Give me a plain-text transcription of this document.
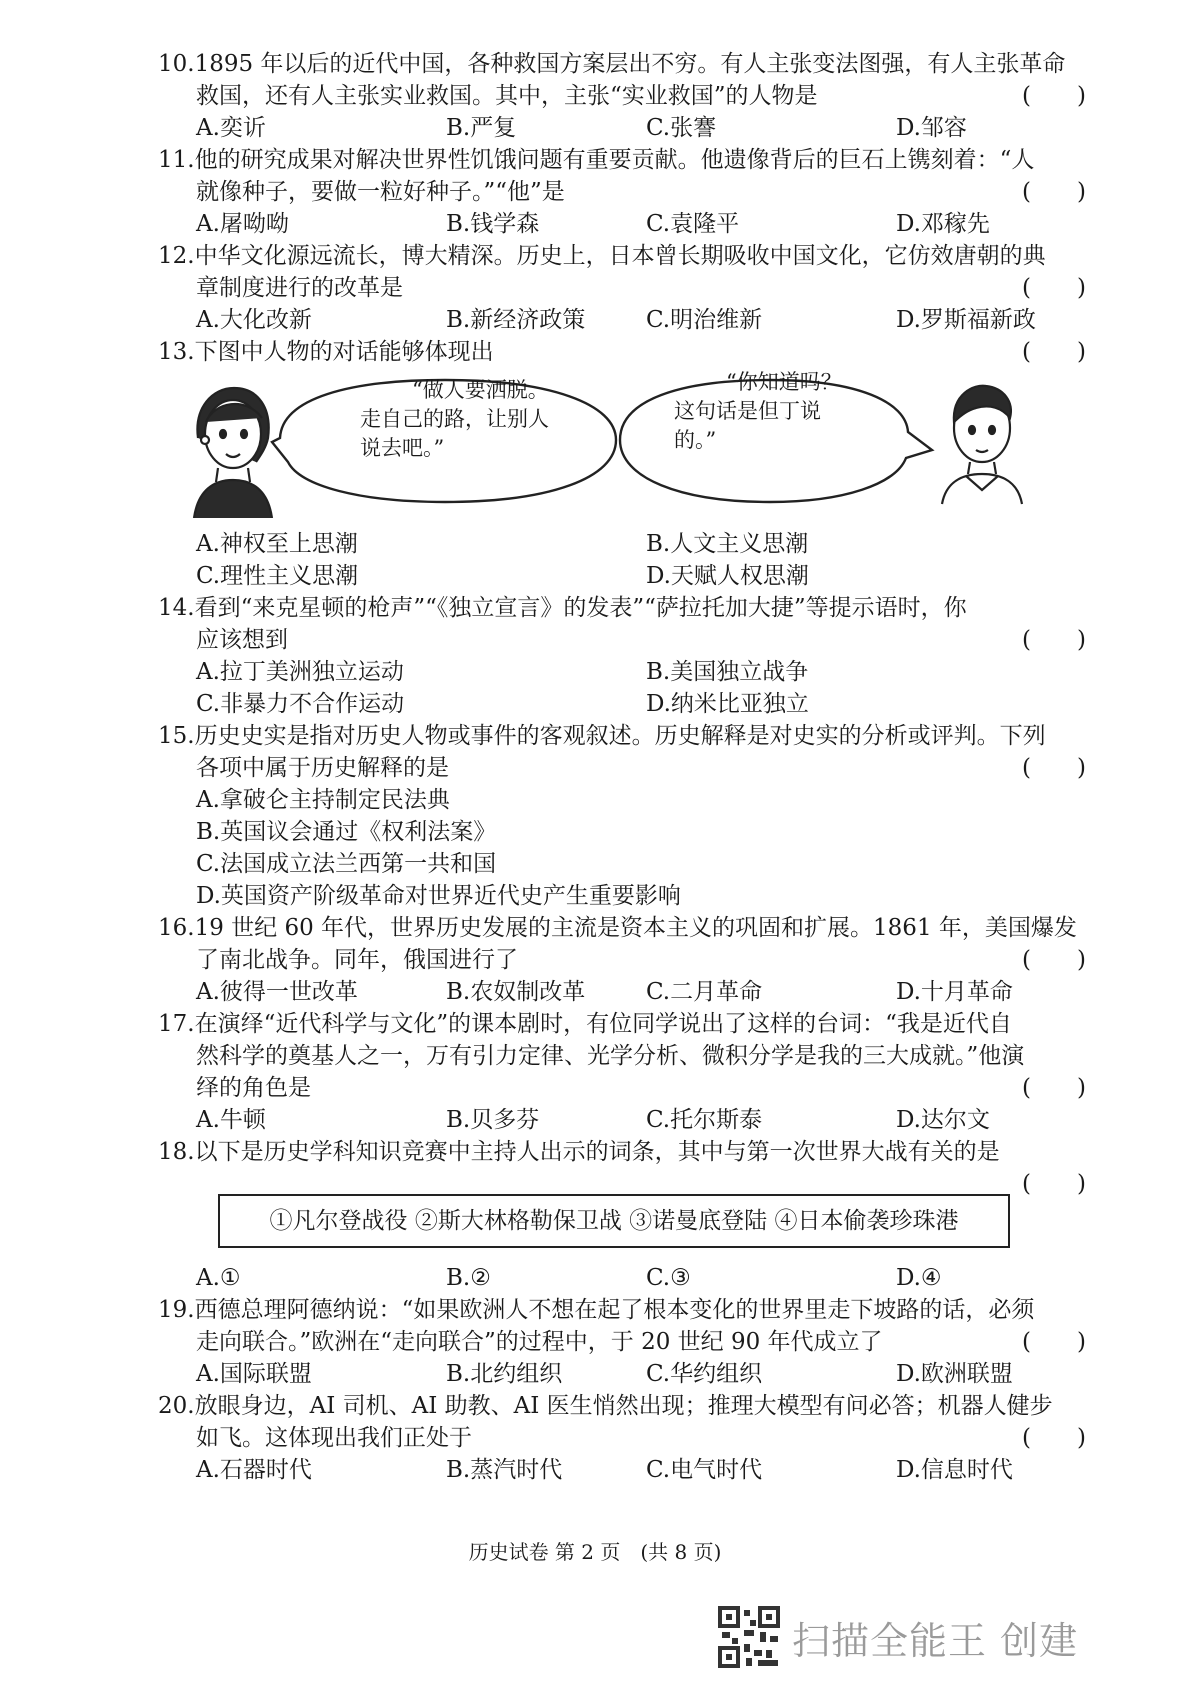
10.1895 年以后的近代中国，各种救国方案层出不穷。有人主张变法图强，有人主张革命
救国，还有人主张实业救国。其中，主张“实业救国”的人物是	(　　)
A.奕䜣	B.严复	C.张謇	D.邹容
11.他的研究成果对解决世界性饥饿问题有重要贡献。他遗像背后的巨石上镌刻着：“人
就像种子，要做一粒好种子。”“他”是	(　　)
A.屠呦呦	B.钱学森	C.袁隆平	D.邓稼先
12.中华文化源远流长，博大精深。历史上，日本曾长期吸收中国文化，它仿效唐朝的典
章制度进行的改革是	(　　)
A.大化改新	B.新经济政策	C.明治维新	D.罗斯福新政
13.下图中人物的对话能够体现出	(　　)
“做人要洒脱。
走自己的路，让别人
说去吧。”
“你知道吗？
这句话是但丁说
的。”
A.神权至上思潮	B.人文主义思潮
C.理性主义思潮	D.天赋人权思潮
14.看到“来克星顿的枪声”“《独立宣言》的发表”“萨拉托加大捷”等提示语时，你
应该想到	(　　)
A.拉丁美洲独立运动	B.美国独立战争
C.非暴力不合作运动	D.纳米比亚独立
15.历史史实是指对历史人物或事件的客观叙述。历史解释是对史实的分析或评判。下列
各项中属于历史解释的是	(　　)
A.拿破仑主持制定民法典
B.英国议会通过《权利法案》
C.法国成立法兰西第一共和国
D.英国资产阶级革命对世界近代史产生重要影响
16.19 世纪 60 年代，世界历史发展的主流是资本主义的巩固和扩展。1861 年，美国爆发
了南北战争。同年，俄国进行了	(　　)
A.彼得一世改革	B.农奴制改革	C.二月革命	D.十月革命
17.在演绎“近代科学与文化”的课本剧时，有位同学说出了这样的台词：“我是近代自
然科学的奠基人之一，万有引力定律、光学分析、微积分学是我的三大成就。”他演
绎的角色是	(　　)
A.牛顿	B.贝多芬	C.托尔斯泰	D.达尔文
18.以下是历史学科知识竞赛中主持人出示的词条，其中与第一次世界大战有关的是
(　　)
①凡尔登战役 ②斯大林格勒保卫战 ③诺曼底登陆 ④日本偷袭珍珠港
A.①	B.②	C.③	D.④
19.西德总理阿德纳说：“如果欧洲人不想在起了根本变化的世界里走下坡路的话，必须
走向联合。”欧洲在“走向联合”的过程中，于 20 世纪 90 年代成立了	(　　)
A.国际联盟	B.北约组织	C.华约组织	D.欧洲联盟
20.放眼身边，AI 司机、AI 助教、AI 医生悄然出现；推理大模型有问必答；机器人健步
如飞。这体现出我们正处于	(　　)
A.石器时代	B.蒸汽时代	C.电气时代	D.信息时代
历史试卷 第 2 页　(共 8 页)
扫描全能王 创建
